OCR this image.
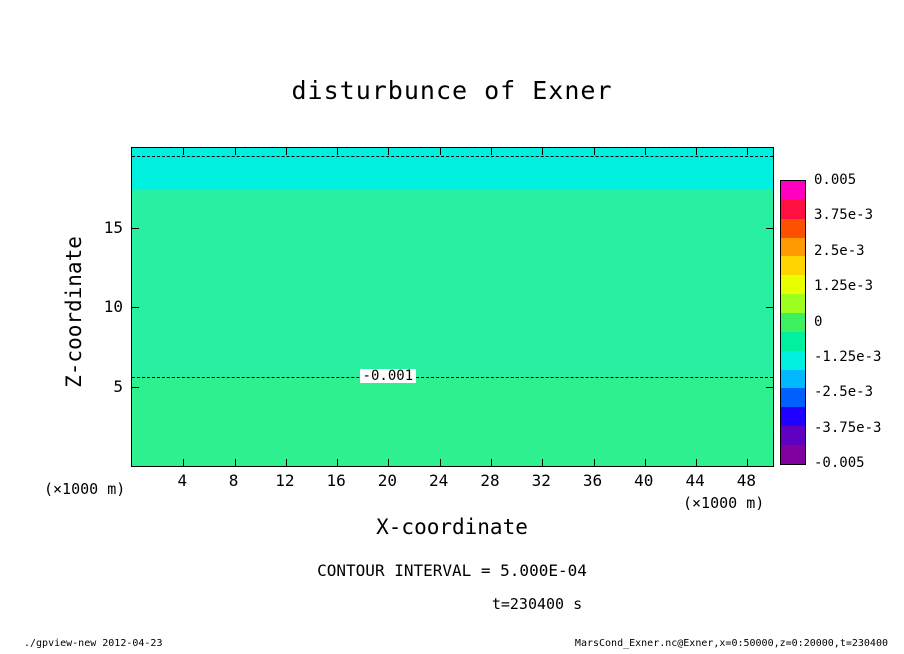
disturbunce of Exner
-0.001
X-coordinate
Z-coordinate
(×1000 m)
(×1000 m)
CONTOUR INTERVAL = 5.000E-04
t=230400 s
./gpview-new 2012-04-23	MarsCond_Exner.nc@Exner,x=0:50000,z=0:20000,t=230400
4	8	12	16	20	24	28	32	36	40	44	48
5
10
15
0.005
3.75e-3
2.5e-3
1.25e-3
0
-1.25e-3
-2.5e-3
-3.75e-3
-0.005
